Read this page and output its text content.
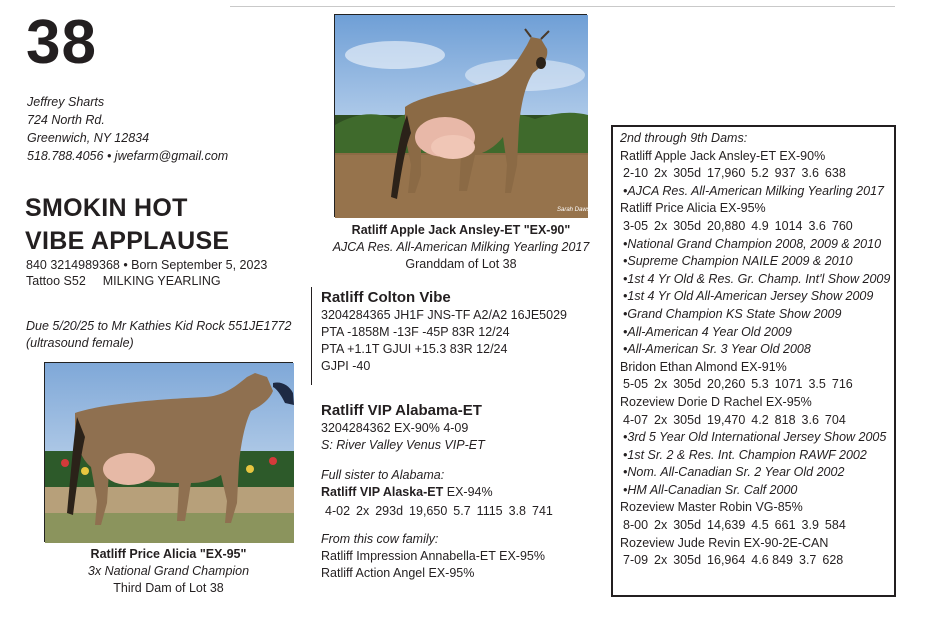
38
Jeffrey Sharts
724 North Rd.
Greenwich, NY 12834
518.788.4056 • jwefarm@gmail.com
SMOKIN HOT
VIBE APPLAUSE
840 3214989368 • Born September 5, 2023
Tattoo S52 MILKING YEARLING
Due 5/20/25 to Mr Kathies Kid Rock 551JE1772
(ultrasound female)
Sarah Dawson
Ratliff Apple Jack Ansley-ET "EX-90"
AJCA Res. All-American Milking Yearling 2017
Granddam of Lot 38
Ratliff Price Alicia "EX-95"
3x National Grand Champion
Third Dam of Lot 38
Ratliff Colton Vibe
3204284365 JH1F JNS-TF A2/A2 16JE5029
PTA -1858M -13F -45P 83R 12/24
PTA +1.1T GJUI +15.3 83R 12/24
GJPI -40
Ratliff VIP Alabama-ET
3204284362 EX-90% 4-09
S: River Valley Venus VIP-ET
Full sister to Alabama:
Ratliff VIP Alaska-ET EX-94%
4-02 2x 293d 19,650 5.7 1115 3.8 741
From this cow family:
Ratliff Impression Annabella-ET EX-95%
Ratliff Action Angel EX-95%
2nd through 9th Dams:
Ratliff Apple Jack Ansley-ET EX-90%
2-10 2x 305d 17,960 5.2 937 3.6 638
•AJCA Res. All-American Milking Yearling 2017
Ratliff Price Alicia EX-95%
3-05 2x 305d 20,880 4.9 1014 3.6 760
•National Grand Champion 2008, 2009 & 2010
•Supreme Champion NAILE 2009 & 2010
•1st 4 Yr Old & Res. Gr. Champ. Int'l Show 2009
•1st 4 Yr Old All-American Jersey Show 2009
•Grand Champion KS State Show 2009
•All-American 4 Year Old 2009
•All-American Sr. 3 Year Old 2008
Bridon Ethan Almond EX-91%
5-05 2x 305d 20,260 5.3 1071 3.5 716
Rozeview Dorie D Rachel EX-95%
4-07 2x 305d 19,470 4.2 818 3.6 704
•3rd 5 Year Old International Jersey Show 2005
•1st Sr. 2 & Res. Int. Champion RAWF 2002
•Nom. All-Canadian Sr. 2 Year Old 2002
•HM All-Canadian Sr. Calf 2000
Rozeview Master Robin VG-85%
8-00 2x 305d 14,639 4.5 661 3.9 584
Rozeview Jude Revin EX-90-2E-CAN
7-09 2x 305d 16,964 4.6 849 3.7 628
